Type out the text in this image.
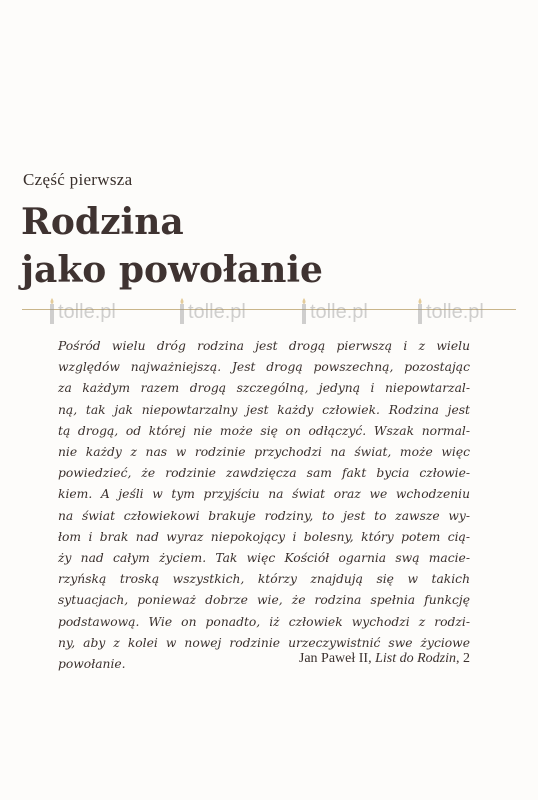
Część pierwsza
Rodzina
jako powołanie
tolle.pl	tolle.pl	tolle.pl	tolle.pl
Pośród wielu dróg rodzina jest drogą pierwszą i z wielu
względów najważniejszą. Jest drogą powszechną, pozostając
za każdym razem drogą szczególną, jedyną i niepowtarzal-
ną, tak jak niepowtarzalny jest każdy człowiek. Rodzina jest
tą drogą, od której nie może się on odłączyć. Wszak normal-
nie każdy z nas w rodzinie przychodzi na świat, może więc
powiedzieć, że rodzinie zawdzięcza sam fakt bycia człowie-
kiem. A jeśli w tym przyjściu na świat oraz we wchodzeniu
na świat człowiekowi brakuje rodziny, to jest to zawsze wy-
łom i brak nad wyraz niepokojący i bolesny, który potem cią-
ży nad całym życiem. Tak więc Kościół ogarnia swą macie-
rzyńską troską wszystkich, którzy znajdują się w takich
sytuacjach, ponieważ dobrze wie, że rodzina spełnia funkcję
podstawową. Wie on ponadto, iż człowiek wychodzi z rodzi-
ny, aby z kolei w nowej rodzinie urzeczywistnić swe życiowe
powołanie.	Jan Paweł II, List do Rodzin, 2
